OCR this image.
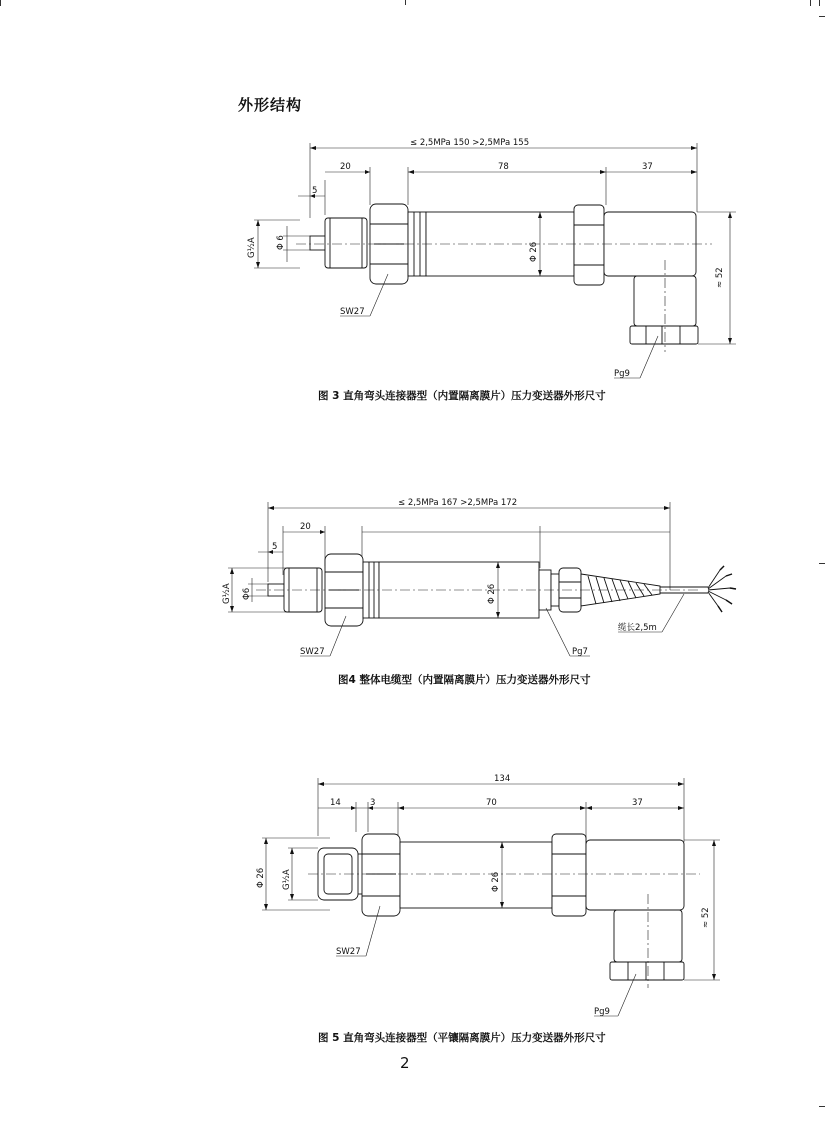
外形结构
≤ 2,5MPa 150 >2,5MPa 155
20
5
78	37
G½A Φ 6	Φ 26
≈ 52
SW27
Pg9
图 3 直角弯头连接器型（内置隔离膜片）压力变送器外形尺寸
≤ 2,5MPa 167 >2,5MPa 172
20
5
G½A Φ6	Φ 26
SW27	Pg7
缆长2,5m
图4 整体电缆型（内置隔离膜片）压力变送器外形尺寸
134
14	3	70	37
Φ 26 G½A	Φ 26
≈ 52
SW27
Pg9
图 5 直角弯头连接器型（平镶隔离膜片）压力变送器外形尺寸
2
